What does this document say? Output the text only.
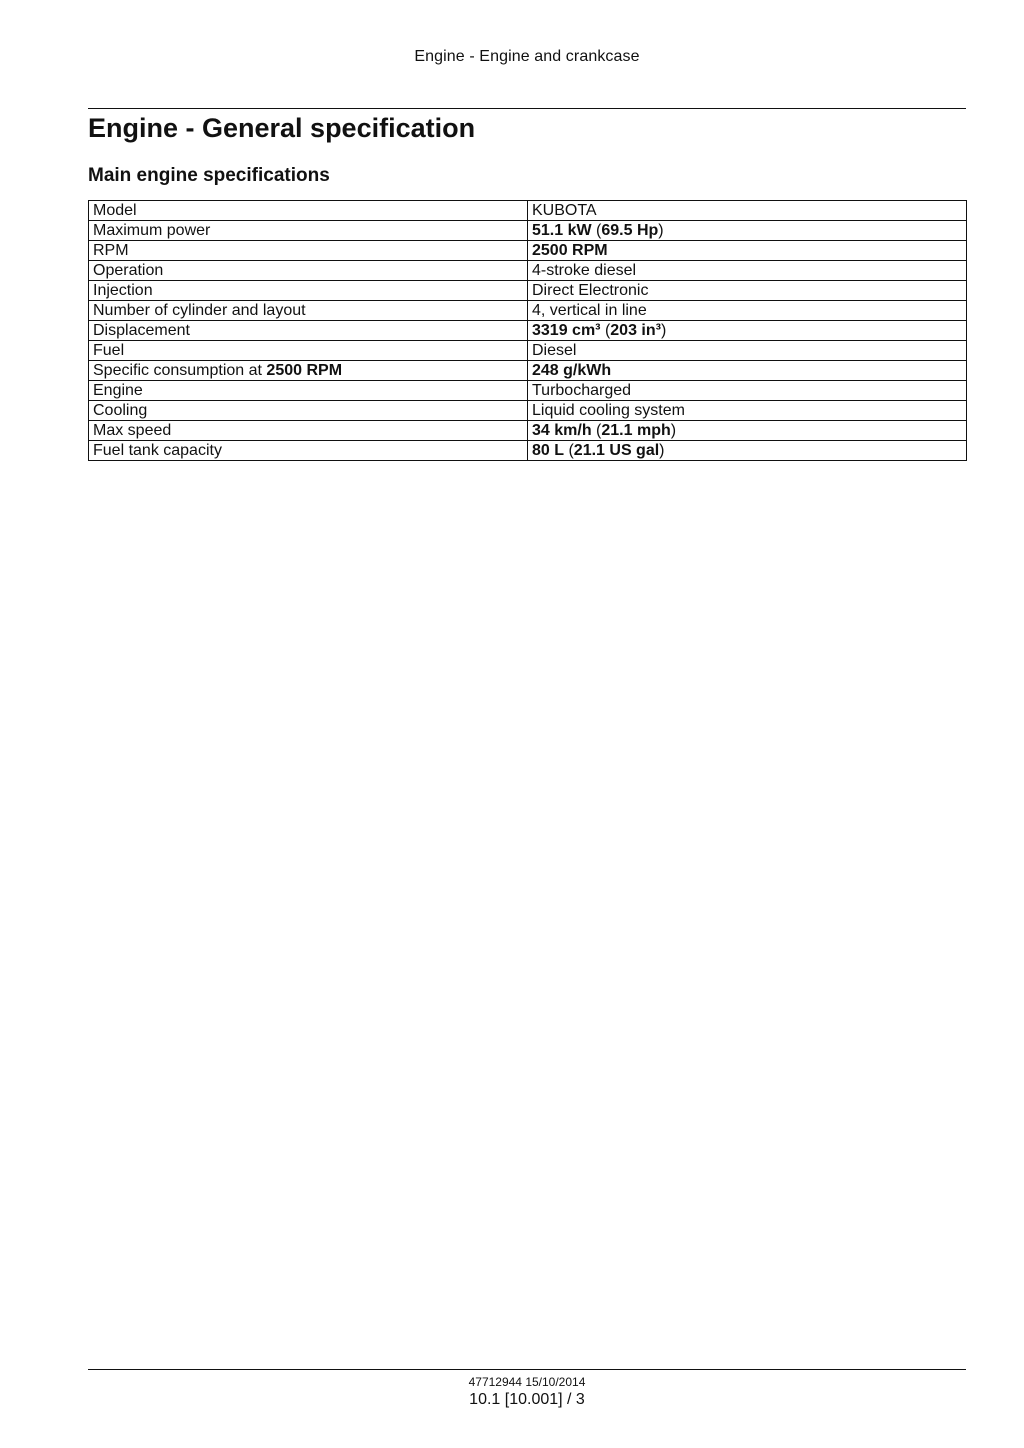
Engine - Engine and crankcase
Engine - General specification
Main engine specifications
Model	KUBOTA
Maximum power	51.1 kW (69.5 Hp)
RPM	2500 RPM
Operation	4-stroke diesel
Injection	Direct Electronic
Number of cylinder and layout	4, vertical in line
Displacement	3319 cm³ (203 in³)
Fuel	Diesel
Specific consumption at 2500 RPM	248 g/kWh
Engine	Turbocharged
Cooling	Liquid cooling system
Max speed	34 km/h (21.1 mph)
Fuel tank capacity	80 L (21.1 US gal)
47712944 15/10/2014
10.1 [10.001] / 3
